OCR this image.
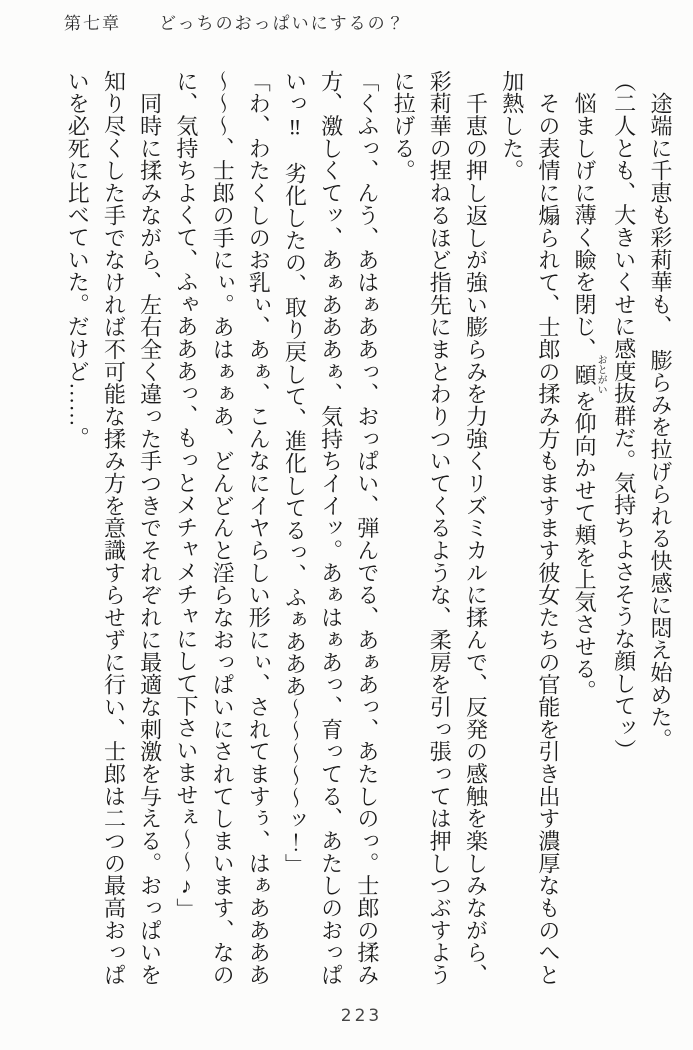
第七章　　どっちのおっぱいにするの？

　途端に千恵も彩莉華も、　膨らみを拉げられる快感に悶え始めた。

（二人とも、大きいくせに感度抜群だ。気持ちよさそうな顔してッ）

　悩ましげに薄く瞼を閉じ、頤おとがいを仰向かせて頬を上気させる。

　その表情に煽られて、士郎の揉み方もますます彼女たちの官能を引き出す濃厚なものへと加熱した。

　千恵の押し返しが強い膨らみを力強くリズミカルに揉んで、反発の感触を楽しみながら、彩莉華の捏ねるほど指先にまとわりついてくるような、柔房を引っ張っては押しつぶすように拉げる。

「くふっ、んう、あはぁああっ、おっぱい、弾んでる、あぁあっ、あたしのっ。士郎の揉み方、激しくてッ、あぁあああぁ、気持ちイイッ。あぁはぁあっ、育ってる、あたしのおっぱいっ‼　劣化したの、取り戻して、進化してるっ、ふぁあああ～～～～～ッ！」

「わ、わたくしのお乳ぃ、あぁ、こんなにイヤらしい形にぃ、されてますぅ、はぁああああ～～～、士郎の手にぃ。あはぁぁあ、どんどんと淫らなおっぱいにされてしまいます、なのに、気持ちよくて、ふゃあああっ、もっとメチャメチャにして下さいませぇ～～♪」

　同時に揉みながら、左右全く違った手つきでそれぞれに最適な刺激を与える。おっぱいを知り尽くした手でなければ不可能な揉み方を意識すらせずに行い、士郎は二つの最高おっぱいを必死に比べていた。だけど……。

223
